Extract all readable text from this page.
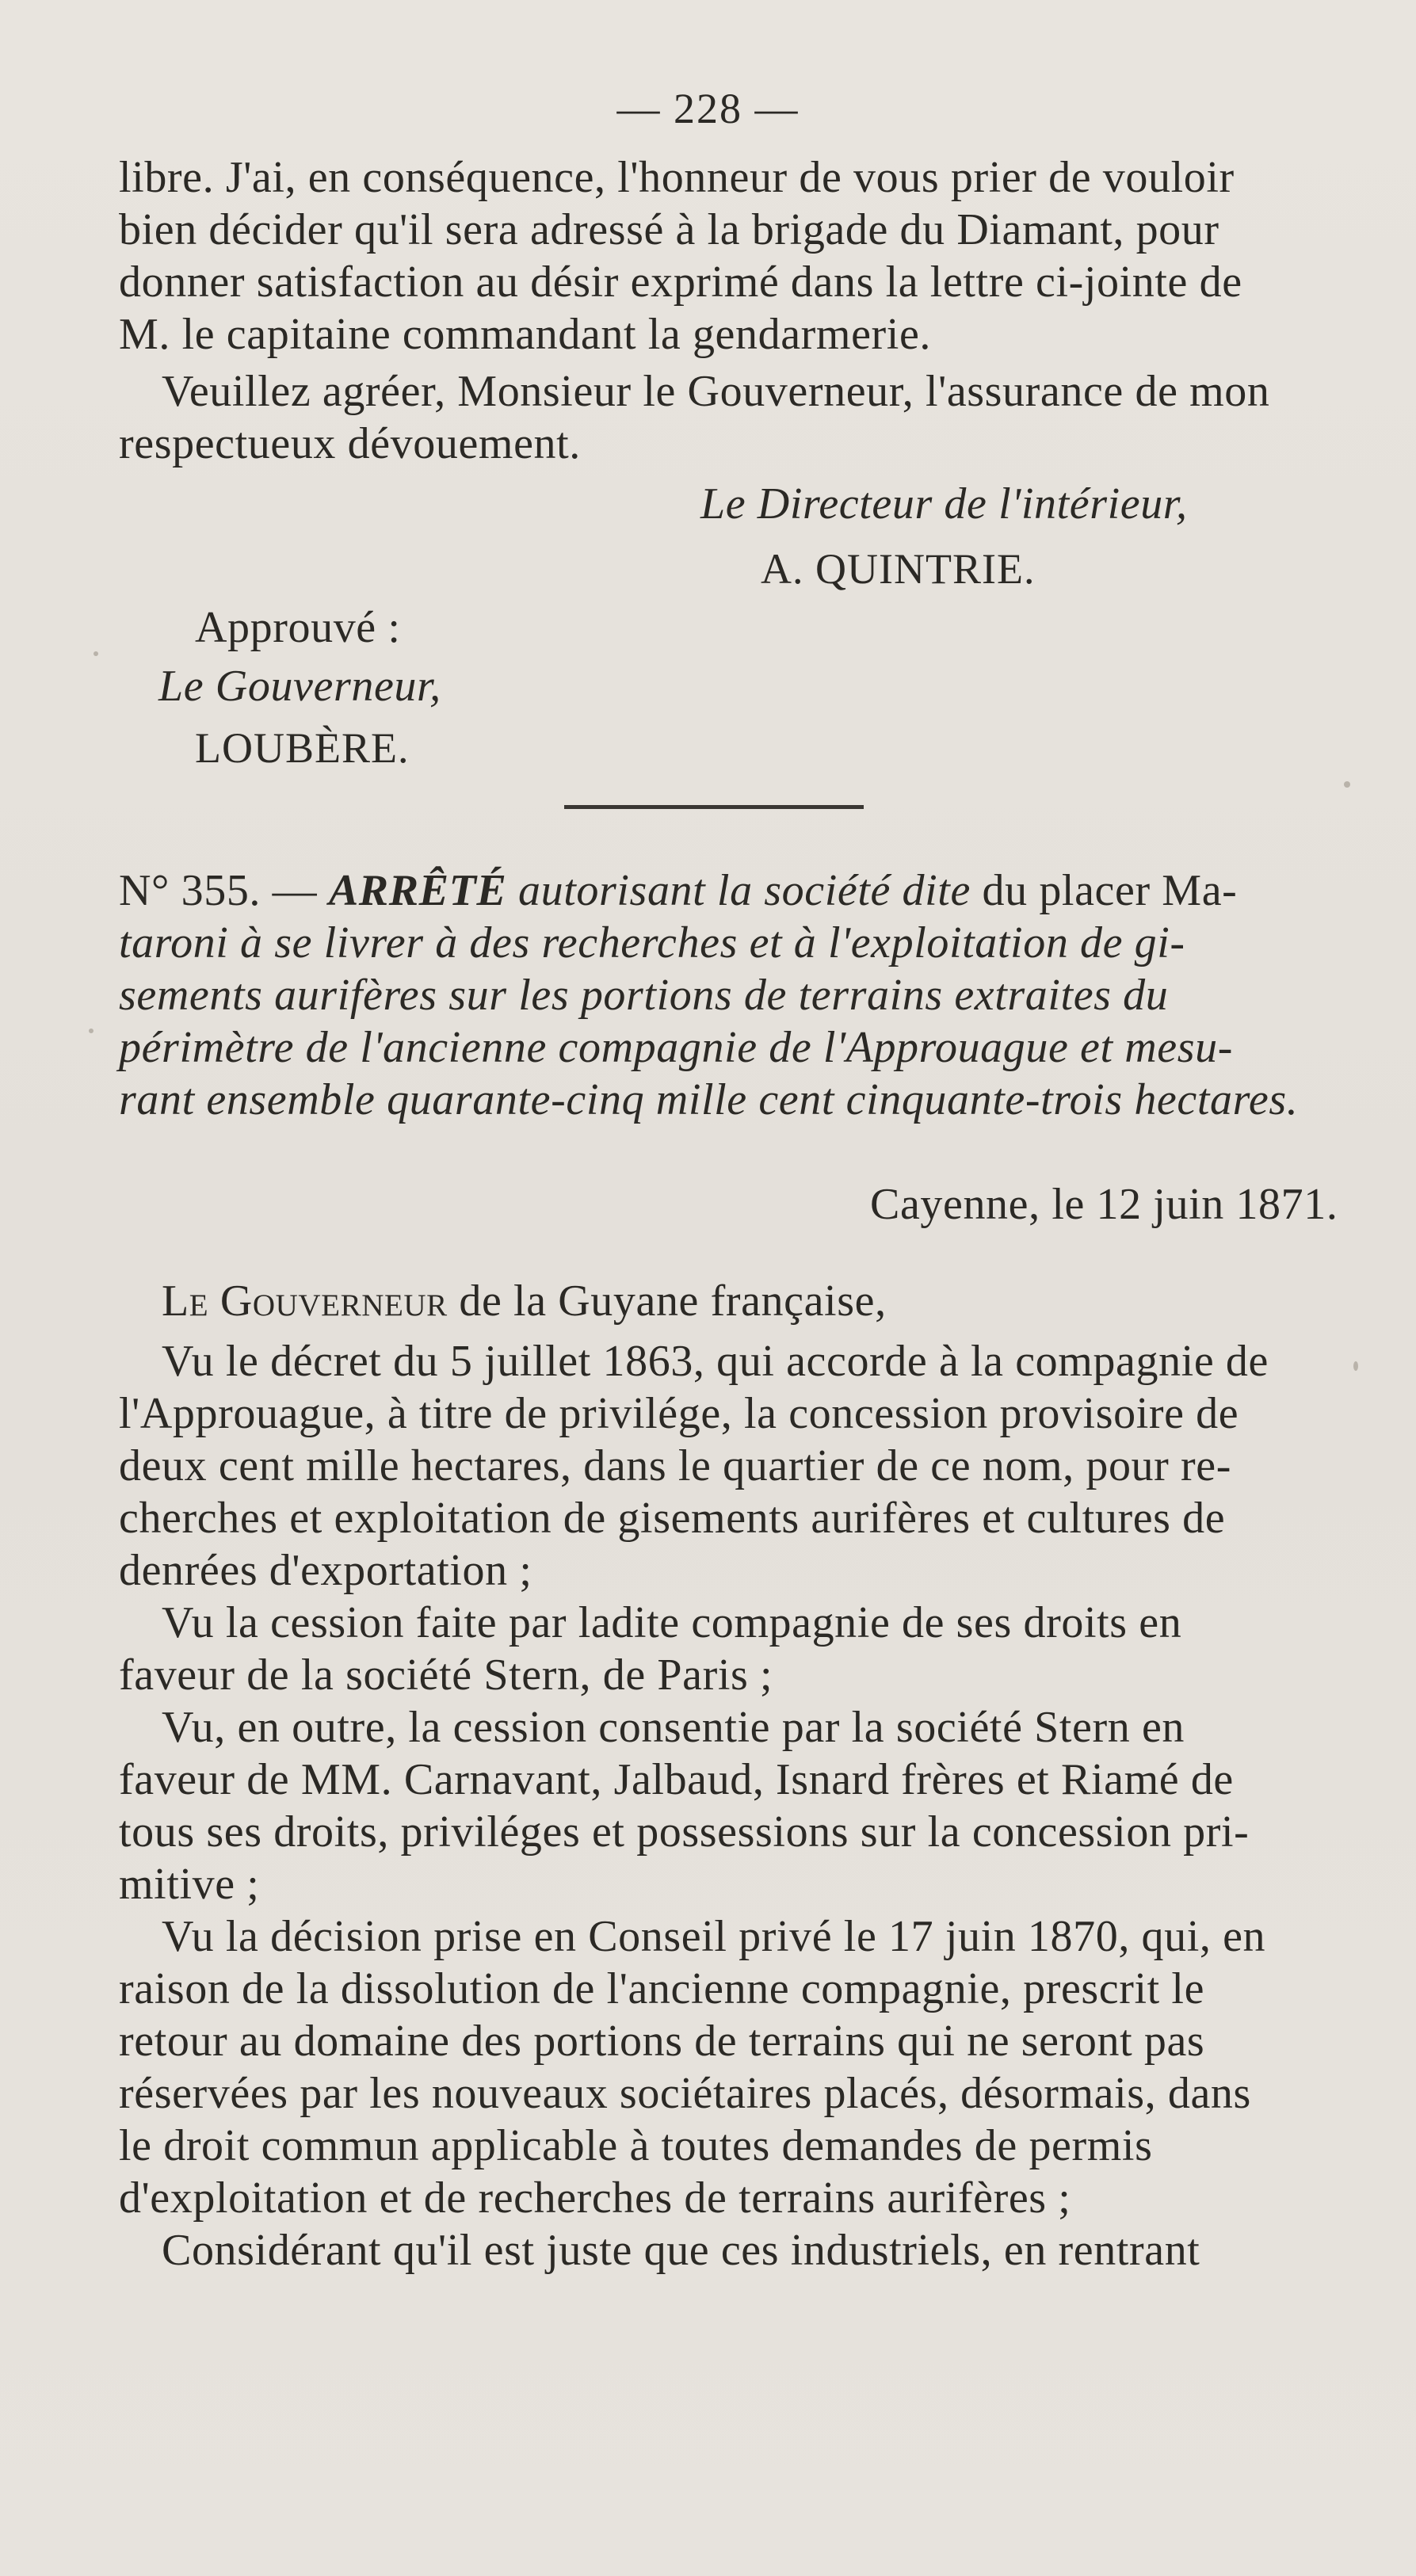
— 228 —
libre. J'ai, en conséquence, l'honneur de vous prier de vouloir
bien décider qu'il sera adressé à la brigade du Diamant, pour
donner satisfaction au désir exprimé dans la lettre ci-jointe de
M. le capitaine commandant la gendarmerie.
Veuillez agréer, Monsieur le Gouverneur, l'assurance de mon
respectueux dévouement.
Le Directeur de l'intérieur,
A. QUINTRIE.
Approuvé :
Le Gouverneur,
LOUBÈRE.
N° 355. — ARRÊTÉ autorisant la société dite du placer Ma-
taroni à se livrer à des recherches et à l'exploitation de gi-
sements aurifères sur les portions de terrains extraites du
périmètre de l'ancienne compagnie de l'Approuague et mesu-
rant ensemble quarante-cinq mille cent cinquante-trois hectares.
Cayenne, le 12 juin 1871.
Le Gouverneur de la Guyane française,
Vu le décret du 5 juillet 1863, qui accorde à la compagnie de
l'Approuague, à titre de privilége, la concession provisoire de
deux cent mille hectares, dans le quartier de ce nom, pour re-
cherches et exploitation de gisements aurifères et cultures de
denrées d'exportation ;
Vu la cession faite par ladite compagnie de ses droits en
faveur de la société Stern, de Paris ;
Vu, en outre, la cession consentie par la société Stern en
faveur de MM. Carnavant, Jalbaud, Isnard frères et Riamé de
tous ses droits, priviléges et possessions sur la concession pri-
mitive ;
Vu la décision prise en Conseil privé le 17 juin 1870, qui, en
raison de la dissolution de l'ancienne compagnie, prescrit le
retour au domaine des portions de terrains qui ne seront pas
réservées par les nouveaux sociétaires placés, désormais, dans
le droit commun applicable à toutes demandes de permis
d'exploitation et de recherches de terrains aurifères ;
Considérant qu'il est juste que ces industriels, en rentrant
